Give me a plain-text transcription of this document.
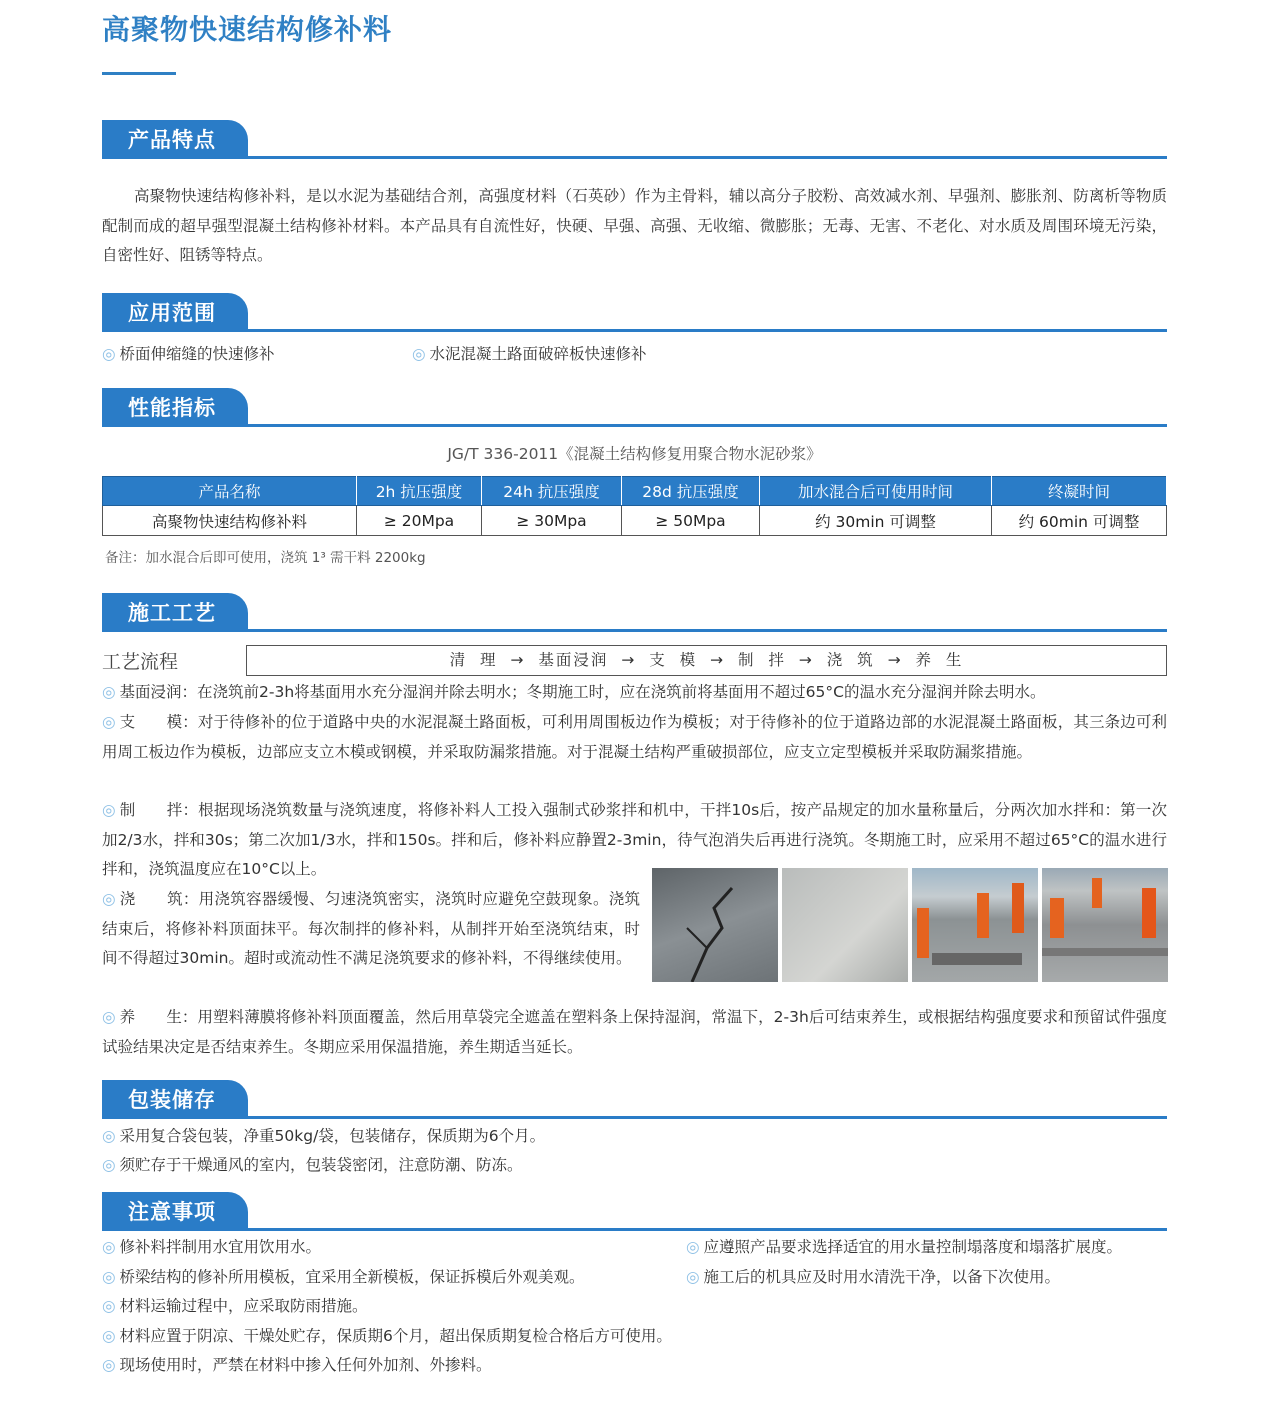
高聚物快速结构修补料
产品特点
高聚物快速结构修补料，是以水泥为基础结合剂，高强度材料（石英砂）作为主骨料，辅以高分子胶粉、高效减水剂、早强剂、膨胀剂、防离析等物质配制而成的超早强型混凝土结构修补材料。本产品具有自流性好，快硬、早强、高强、无收缩、微膨胀；无毒、无害、不老化、对水质及周围环境无污染，自密性好、阻锈等特点。
应用范围
◎ 桥面伸缩缝的快速修补	◎ 水泥混凝土路面破碎板快速修补
性能指标
JG/T 336-2011《混凝土结构修复用聚合物水泥砂浆》
产品名称	2h 抗压强度	24h 抗压强度	28d 抗压强度	加水混合后可使用时间	终凝时间
高聚物快速结构修补料	≥ 20Mpa	≥ 30Mpa	≥ 50Mpa	约 30min 可调整	约 60min 可调整
备注：加水混合后即可使用，浇筑 1³ 需干料 2200kg
施工工艺
工艺流程	清 理 → 基面浸润 → 支 模 → 制 拌 → 浇 筑 → 养 生
◎ 基面浸润：在浇筑前2-3h将基面用水充分湿润并除去明水；冬期施工时，应在浇筑前将基面用不超过65°C的温水充分湿润并除去明水。
◎ 支　　模：对于待修补的位于道路中央的水泥混凝土路面板，可利用周围板边作为模板；对于待修补的位于道路边部的水泥混凝土路面板，其三条边可利用周工板边作为模板，边部应支立木模或钢模，并采取防漏浆措施。对于混凝土结构严重破损部位，应支立定型模板并采取防漏浆措施。
◎ 制　　拌：根据现场浇筑数量与浇筑速度，将修补料人工投入强制式砂浆拌和机中，干拌10s后，按产品规定的加水量称量后，分两次加水拌和：第一次加2/3水，拌和30s；第二次加1/3水，拌和150s。拌和后，修补料应静置2-3min，待气泡消失后再进行浇筑。冬期施工时，应采用不超过65°C的温水进行拌和，浇筑温度应在10°C以上。
◎ 浇　　筑：用浇筑容器缓慢、匀速浇筑密实，浇筑时应避免空鼓现象。浇筑结束后，将修补料顶面抹平。每次制拌的修补料，从制拌开始至浇筑结束，时间不得超过30min。超时或流动性不满足浇筑要求的修补料，不得继续使用。
◎ 养　　生：用塑料薄膜将修补料顶面覆盖，然后用草袋完全遮盖在塑料条上保持湿润，常温下，2-3h后可结束养生，或根据结构强度要求和预留试件强度试验结果决定是否结束养生。冬期应采用保温措施，养生期适当延长。
包装储存
◎ 采用复合袋包装，净重50kg/袋，包装储存，保质期为6个月。
◎ 须贮存于干燥通风的室内，包装袋密闭，注意防潮、防冻。
注意事项
◎ 修补料拌制用水宜用饮用水。
◎ 桥梁结构的修补所用模板，宜采用全新模板，保证拆模后外观美观。
◎ 材料运输过程中，应采取防雨措施。
◎ 材料应置于阴凉、干燥处贮存，保质期6个月，超出保质期复检合格后方可使用。
◎ 现场使用时，严禁在材料中掺入任何外加剂、外掺料。
◎ 应遵照产品要求选择适宜的用水量控制塌落度和塌落扩展度。
◎ 施工后的机具应及时用水清洗干净，以备下次使用。
